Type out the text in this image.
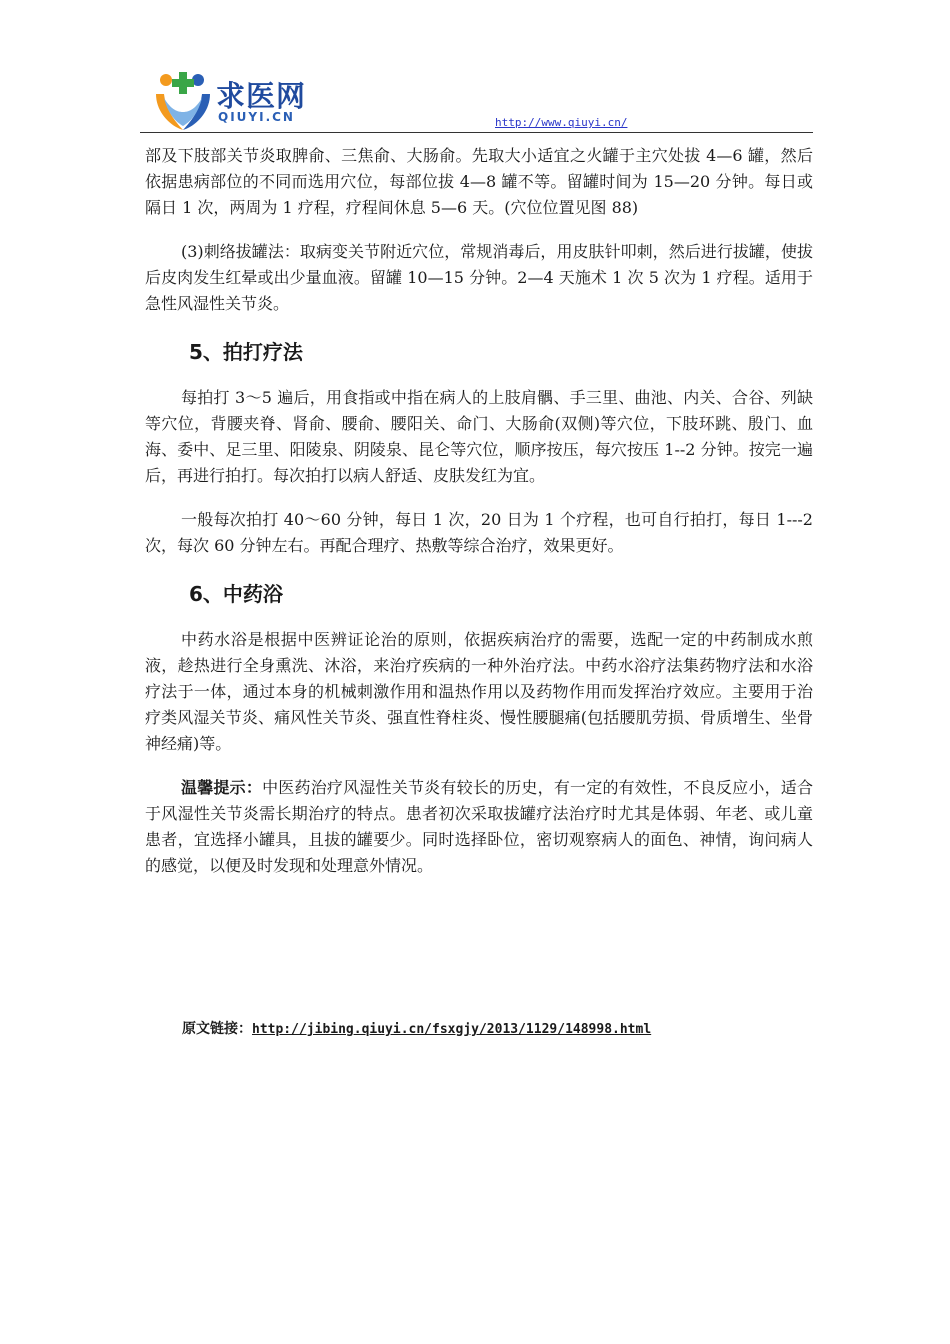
求医网
QIUYI.CN	http://www.qiuyi.cn/

部及下肢部关节炎取脾俞、三焦俞、大肠俞。先取大小适宜之火罐于主穴处拔 4—6 罐，然后依据患病部位的不同而选用穴位，每部位拔 4—8 罐不等。留罐时间为 15—20 分钟。每日或隔日 1 次，两周为 1 疗程，疗程间休息 5—6 天。(穴位位置见图 88)

(3)刺络拔罐法：取病变关节附近穴位，常规消毒后，用皮肤针叩刺，然后进行拔罐，使拔后皮肉发生红晕或出少量血液。留罐 10—15 分钟。2—4 天施术 1 次 5 次为 1 疗程。适用于急性风湿性关节炎。

5、拍打疗法

每拍打 3～5 遍后，用食指或中指在病人的上肢肩髃、手三里、曲池、内关、合谷、列缺等穴位，背腰夹脊、肾俞、腰俞、腰阳关、命门、大肠俞(双侧)等穴位，下肢环跳、殷门、血海、委中、足三里、阳陵泉、阴陵泉、昆仑等穴位，顺序按压，每穴按压 1--2 分钟。按完一遍后，再进行拍打。每次拍打以病人舒适、皮肤发红为宜。

一般每次拍打 40～60 分钟，每日 1 次，20 日为 1 个疗程，也可自行拍打，每日 1---2 次，每次 60 分钟左右。再配合理疗、热敷等综合治疗，效果更好。

6、中药浴

中药水浴是根据中医辨证论治的原则，依据疾病治疗的需要，选配一定的中药制成水煎液，趁热进行全身熏洗、沐浴，来治疗疾病的一种外治疗法。中药水浴疗法集药物疗法和水浴疗法于一体，通过本身的机械刺激作用和温热作用以及药物作用而发挥治疗效应。主要用于治疗类风湿关节炎、痛风性关节炎、强直性脊柱炎、慢性腰腿痛(包括腰肌劳损、骨质增生、坐骨神经痛)等。

温馨提示：中医药治疗风湿性关节炎有较长的历史，有一定的有效性，不良反应小，适合于风湿性关节炎需长期治疗的特点。患者初次采取拔罐疗法治疗时尤其是体弱、年老、或儿童患者，宜选择小罐具，且拔的罐要少。同时选择卧位，密切观察病人的面色、神情，询问病人的感觉，以便及时发现和处理意外情况。

原文链接：http://jibing.qiuyi.cn/fsxgjy/2013/1129/148998.html
